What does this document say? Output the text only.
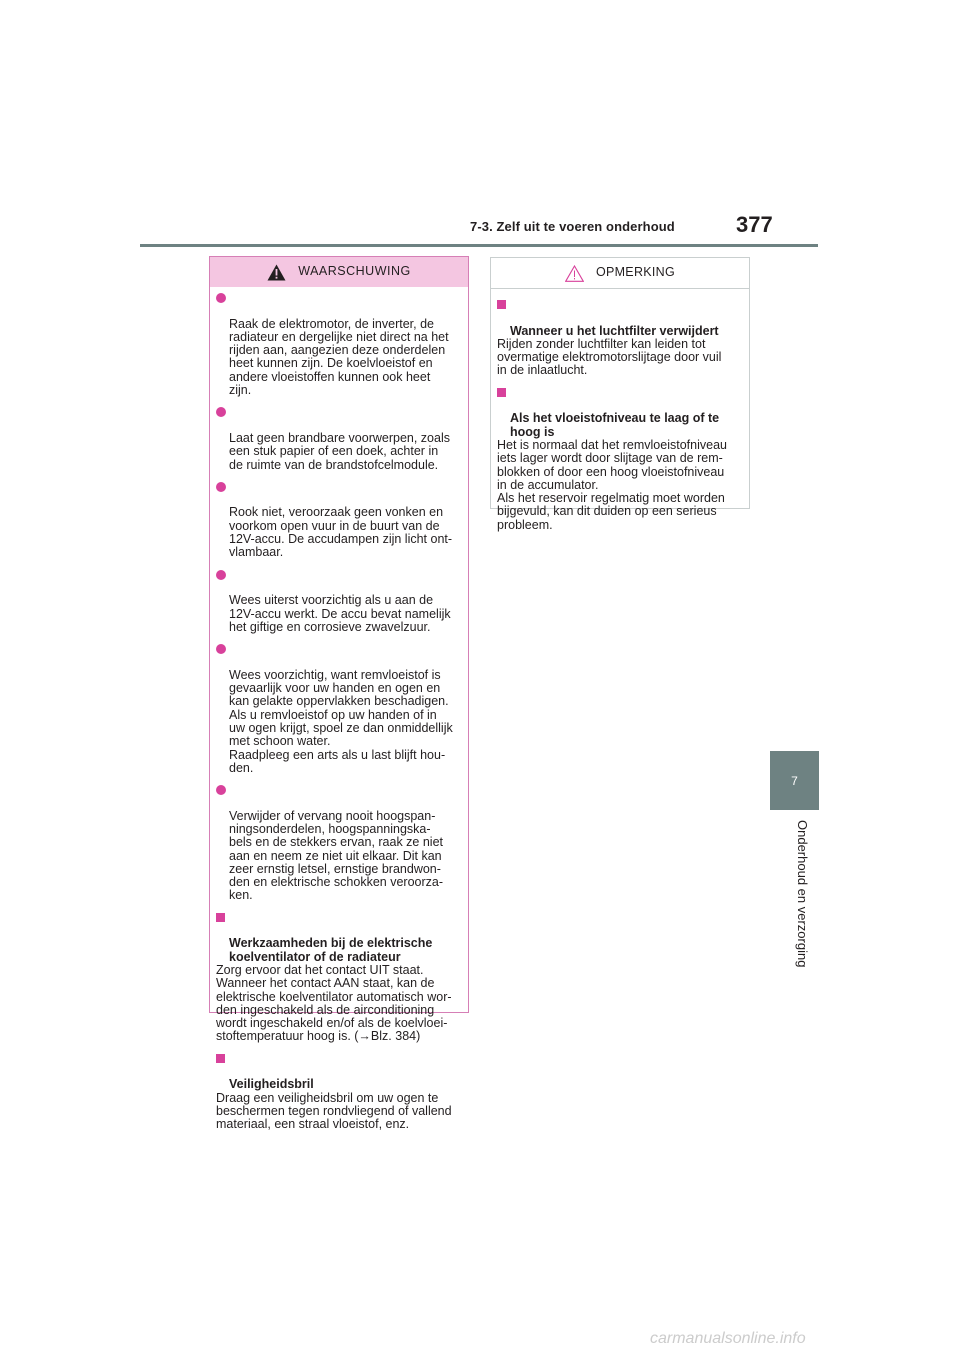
7-3. Zelf uit te voeren onderhoud	377
7
Onderhoud en verzorging
WAARSCHUWING

Raak de elektromotor, de inverter, de
radiateur en dergelijke niet direct na het
rijden aan, aangezien deze onderdelen
heet kunnen zijn. De koelvloeistof en
andere vloeistoffen kunnen ook heet
zijn.

Laat geen brandbare voorwerpen, zoals
een stuk papier of een doek, achter in
de ruimte van de brandstofcelmodule.

Rook niet, veroorzaak geen vonken en
voorkom open vuur in de buurt van de
12V-accu. De accudampen zijn licht ont-
vlambaar.

Wees uiterst voorzichtig als u aan de
12V-accu werkt. De accu bevat namelijk
het giftige en corrosieve zwavelzuur.

Wees voorzichtig, want remvloeistof is
gevaarlijk voor uw handen en ogen en
kan gelakte oppervlakken beschadigen.
Als u remvloeistof op uw handen of in
uw ogen krijgt, spoel ze dan onmiddellijk
met schoon water.
Raadpleeg een arts als u last blijft hou-
den.

Verwijder of vervang nooit hoogspan-
ningsonderdelen, hoogspanningska-
bels en de stekkers ervan, raak ze niet
aan en neem ze niet uit elkaar. Dit kan
zeer ernstig letsel, ernstige brandwon-
den en elektrische schokken veroorza-
ken.

Werkzaamheden bij de elektrische
koelventilator of de radiateur

Zorg ervoor dat het contact UIT staat.
Wanneer het contact AAN staat, kan de
elektrische koelventilator automatisch wor-
den ingeschakeld als de airconditioning
wordt ingeschakeld en/of als de koelvloei-
stoftemperatuur hoog is. (→Blz. 384)

Veiligheidsbril

Draag een veiligheidsbril om uw ogen te
beschermen tegen rondvliegend of vallend
materiaal, een straal vloeistof, enz.
OPMERKING

Wanneer u het luchtfilter verwijdert

Rijden zonder luchtfilter kan leiden tot
overmatige elektromotorslijtage door vuil
in de inlaatlucht.

Als het vloeistofniveau te laag of te
hoog is

Het is normaal dat het remvloeistofniveau
iets lager wordt door slijtage van de rem-
blokken of door een hoog vloeistofniveau
in de accumulator.
Als het reservoir regelmatig moet worden
bijgevuld, kan dit duiden op een serieus
probleem.
carmanualsonline.info
